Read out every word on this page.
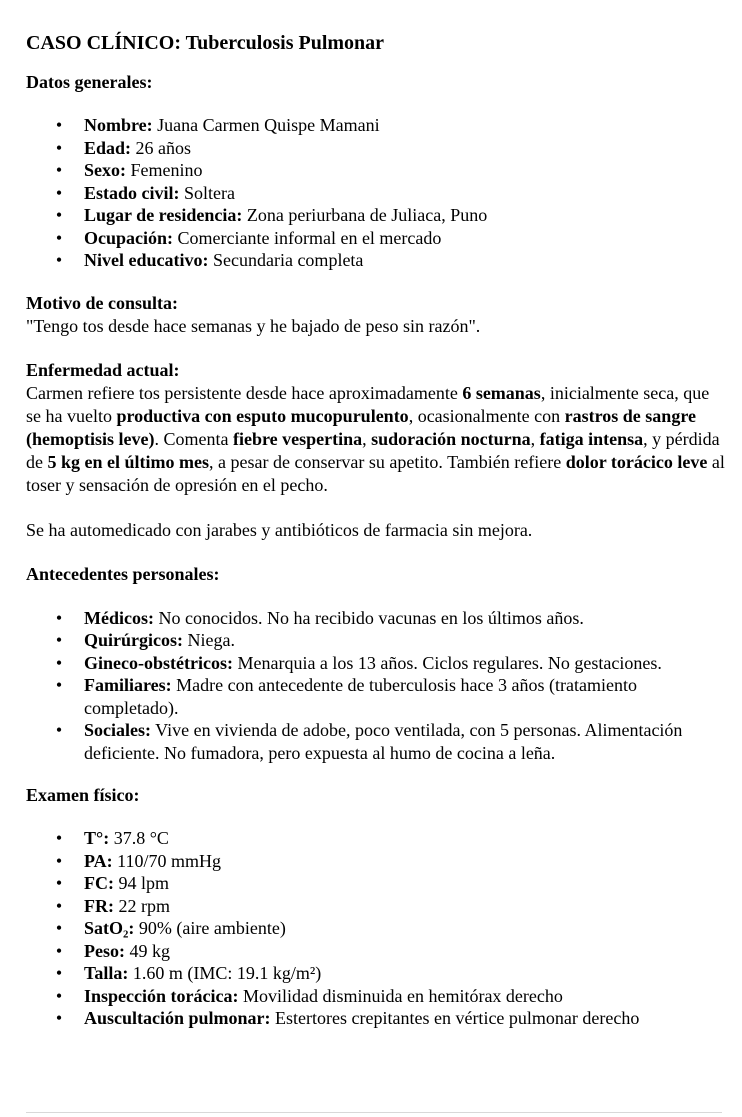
CASO CLÍNICO: Tuberculosis Pulmonar
Datos generales:
• Nombre: Juana Carmen Quispe Mamani
• Edad: 26 años
• Sexo: Femenino
• Estado civil: Soltera
• Lugar de residencia: Zona periurbana de Juliaca, Puno
• Ocupación: Comerciante informal en el mercado
• Nivel educativo: Secundaria completa
Motivo de consulta:

"Tengo tos desde hace semanas y he bajado de peso sin razón".

Enfermedad actual:

Carmen refiere tos persistente desde hace aproximadamente 6 semanas, inicialmente seca, que se ha vuelto productiva con esputo mucopurulento, ocasionalmente con rastros de sangre (hemoptisis leve). Comenta fiebre vespertina, sudoración nocturna, fatiga intensa, y pérdida de 5 kg en el último mes, a pesar de conservar su apetito. También refiere dolor torácico leve al toser y sensación de opresión en el pecho.

Se ha automedicado con jarabes y antibióticos de farmacia sin mejora.

Antecedentes personales:
• Médicos: No conocidos. No ha recibido vacunas en los últimos años.
• Quirúrgicos: Niega.
• Gineco-obstétricos: Menarquia a los 13 años. Ciclos regulares. No gestaciones.
• Familiares: Madre con antecedente de tuberculosis hace 3 años (tratamiento completado).
• Sociales: Vive en vivienda de adobe, poco ventilada, con 5 personas. Alimentación deficiente. No fumadora, pero expuesta al humo de cocina a leña.
Examen físico:
• T°: 37.8 °C
• PA: 110/70 mmHg
• FC: 94 lpm
• FR: 22 rpm
• SatO₂: 90% (aire ambiente)
• Peso: 49 kg
• Talla: 1.60 m (IMC: 19.1 kg/m²)
• Inspección torácica: Movilidad disminuida en hemitórax derecho
• Auscultación pulmonar: Estertores crepitantes en vértice pulmonar derecho
